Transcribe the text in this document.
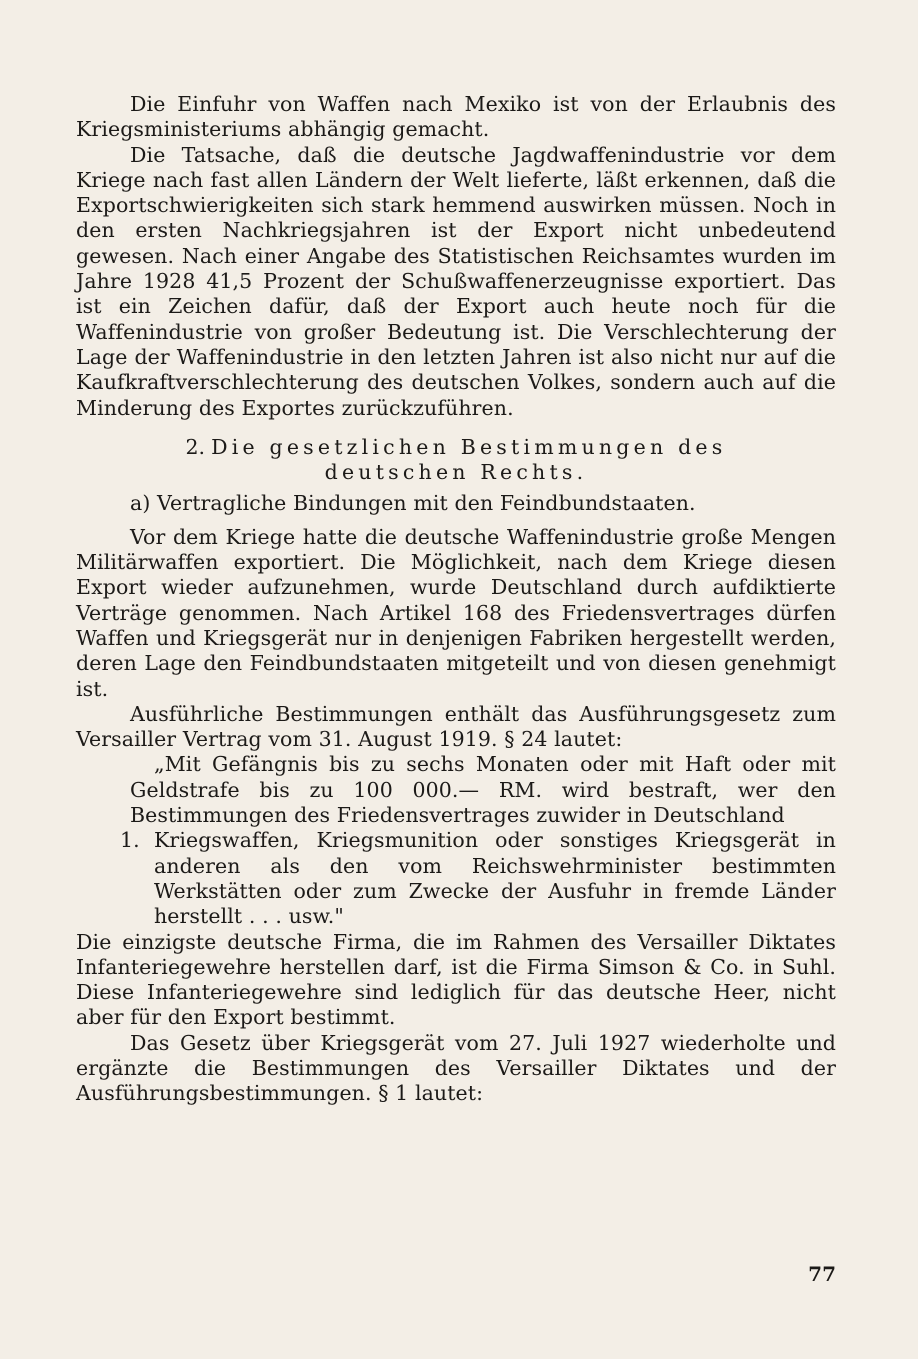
Die Einfuhr von Waffen nach Mexiko ist von der Erlaubnis des Kriegsministeriums abhängig gemacht.

Die Tatsache, daß die deutsche Jagdwaffenindustrie vor dem Kriege nach fast allen Ländern der Welt lieferte, läßt erkennen, daß die Exportschwierigkeiten sich stark hemmend auswirken müssen. Noch in den ersten Nachkriegsjahren ist der Export nicht unbedeutend gewesen. Nach einer Angabe des Statistischen Reichsamtes wurden im Jahre 1928 41,5 Prozent der Schußwaffenerzeugnisse exportiert. Das ist ein Zeichen dafür, daß der Export auch heute noch für die Waffenindustrie von großer Bedeutung ist. Die Verschlechterung der Lage der Waffenindustrie in den letzten Jahren ist also nicht nur auf die Kaufkraftverschlechterung des deutschen Volkes, sondern auch auf die Minderung des Exportes zurückzuführen.

2. Die gesetzlichen Bestimmungen des
deutschen Rechts.
a) Vertragliche Bindungen mit den Feindbundstaaten.

Vor dem Kriege hatte die deutsche Waffenindustrie große Mengen Militärwaffen exportiert. Die Möglichkeit, nach dem Kriege diesen Export wieder aufzunehmen, wurde Deutschland durch aufdiktierte Verträge genommen. Nach Artikel 168 des Friedensvertrages dürfen Waffen und Kriegsgerät nur in denjenigen Fabriken hergestellt werden, deren Lage den Feindbundstaaten mitgeteilt und von diesen genehmigt ist.

Ausführliche Bestimmungen enthält das Ausführungsgesetz zum Versailler Vertrag vom 31. August 1919. § 24 lautet:

„Mit Gefängnis bis zu sechs Monaten oder mit Haft oder mit Geldstrafe bis zu 100 000.— RM. wird bestraft, wer den Bestimmungen des Friedensvertrages zuwider in Deutschland

1. Kriegswaffen, Kriegsmunition oder sonstiges Kriegsgerät in anderen als den vom Reichswehrminister bestimmten Werkstätten oder zum Zwecke der Ausfuhr in fremde Länder herstellt . . . usw."

Die einzigste deutsche Firma, die im Rahmen des Versailler Diktates Infanteriegewehre herstellen darf, ist die Firma Simson & Co. in Suhl. Diese Infanteriegewehre sind lediglich für das deutsche Heer, nicht aber für den Export bestimmt.

Das Gesetz über Kriegsgerät vom 27. Juli 1927 wiederholte und ergänzte die Bestimmungen des Versailler Diktates und der Ausführungsbestimmungen. § 1 lautet:

77
